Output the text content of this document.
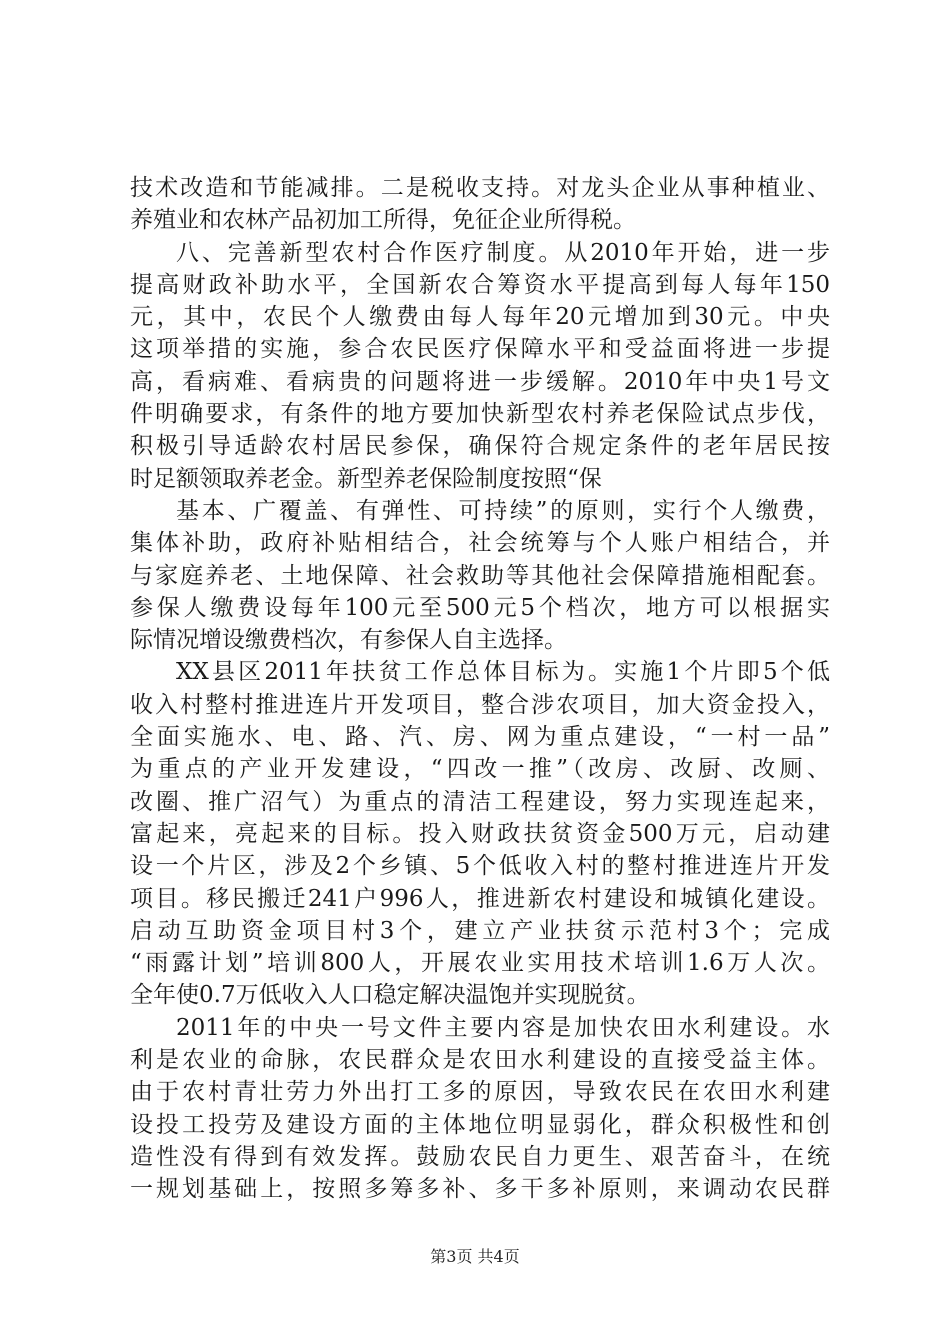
技术改造和节能减排。二是税收支持。对龙头企业从事种植业、
养殖业和农林产品初加工所得，免征企业所得税。
八、完善新型农村合作医疗制度。从2010年开始，进一步
提高财政补助水平，全国新农合筹资水平提高到每人每年150
元，其中，农民个人缴费由每人每年20元增加到30元。中央
这项举措的实施，参合农民医疗保障水平和受益面将进一步提
高，看病难、看病贵的问题将进一步缓解。2010年中央1号文
件明确要求，有条件的地方要加快新型农村养老保险试点步伐，
积极引导适龄农村居民参保，确保符合规定条件的老年居民按
时足额领取养老金。新型养老保险制度按照“保
基本、广覆盖、有弹性、可持续”的原则，实行个人缴费，
集体补助，政府补贴相结合，社会统筹与个人账户相结合，并
与家庭养老、土地保障、社会救助等其他社会保障措施相配套。
参保人缴费设每年100元至500元5个档次，地方可以根据实
际情况增设缴费档次，有参保人自主选择。
XX县区2011年扶贫工作总体目标为。实施1个片即5个低
收入村整村推进连片开发项目，整合涉农项目，加大资金投入，
全面实施水、电、路、汽、房、网为重点建设，“一村一品”
为重点的产业开发建设，“四改一推”（改房、改厨、改厕、
改圈、推广沼气）为重点的清洁工程建设，努力实现连起来，
富起来，亮起来的目标。投入财政扶贫资金500万元，启动建
设一个片区，涉及2个乡镇、5个低收入村的整村推进连片开发
项目。移民搬迁241户996人，推进新农村建设和城镇化建设。
启动互助资金项目村3个，建立产业扶贫示范村3个；完成
“雨露计划”培训800人，开展农业实用技术培训1.6万人次。
全年使0.7万低收入人口稳定解决温饱并实现脱贫。
2011年的中央一号文件主要内容是加快农田水利建设。水
利是农业的命脉，农民群众是农田水利建设的直接受益主体。
由于农村青壮劳力外出打工多的原因，导致农民在农田水利建
设投工投劳及建设方面的主体地位明显弱化，群众积极性和创
造性没有得到有效发挥。鼓励农民自力更生、艰苦奋斗，在统
一规划基础上，按照多筹多补、多干多补原则，来调动农民群
第3页 共4页
